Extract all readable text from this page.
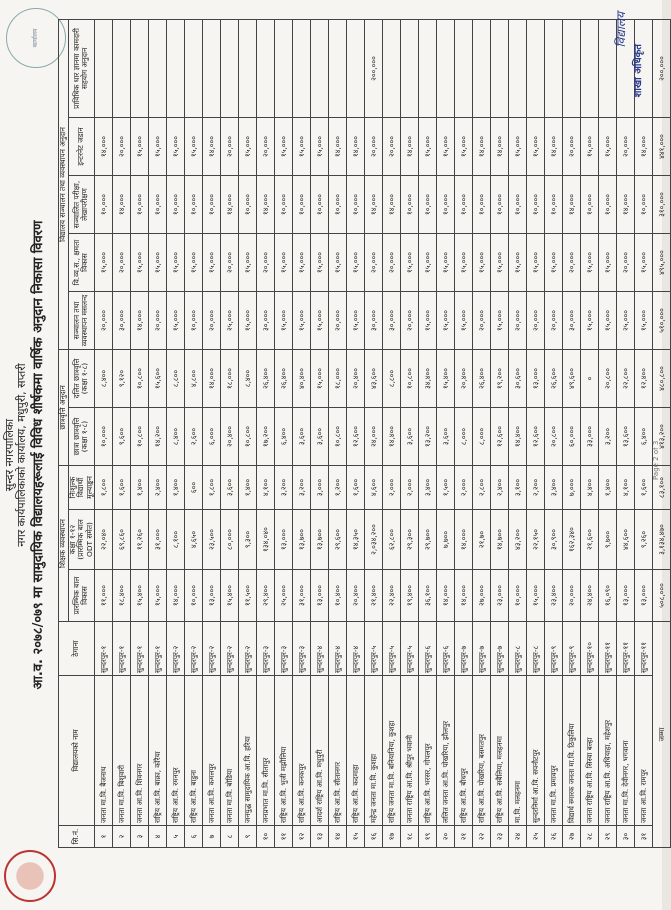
कार्यालय
सुन्दर नगरपालिका नगर कार्यपालिकाको कार्यालय, मधुपुरी, सप्तरी आ.व. २०७८/०७९ मा सामुदायिक विद्यालयहरूलाई विविध शीर्षकमा वार्षिक अनुदान निकासा विवरण
सि.नं.	विद्यालयको नाम	ठेगाना	शिक्षक व्यवस्थापन			छात्रवृत्ति अनुदान		विद्यालय सञ्चालन तथा व्यवस्थापन अनुदान				
			प्रारम्भिक बाल विकास	कक्षा १-१२ (प्रारम्भिक बाल ODT समेत)	निःशुल्क विद्यार्थी मूल्याङ्कन	छात्रा छात्रवृत्ति (कक्षा १-८)	दलित छात्रवृत्ति (कक्षा १-८)	सञ्चालन तथा व्यवस्थापन मसलन्द	वि.व्य.स., क्षमता विकास	सञ्चालित परीक्षा, लेखापरीक्षण	इन्टरनेट जडान	प्राविधिक धार ज्ञानमा कामदारी सहयोग अनुदान
१	जनता मा.वि. बैजनाथ	सुन्दरपुर-१	११,०००	२२,०४०	१,८००	१०,०००	८,४००	२०,०००	१५,०००	१०,०००	१४,०००	
२	जनता मा.वि. बिशुवारी	सुन्दरपुर-१	१८,४००	६९,८६०	१,६००	९,६००	९,१२०	३०,०००	२०,०००	१४,०००	२०,०००	
३	जनता आ.वि. शिवनगर	सुन्दरपुर-१	१५,४००	११,२६०	१,४००	१०,८००	१०,८००	१४,०००	१५,०००	१०,०००	१५,०००	
४	राष्ट्रिय आ.वि. बाक्रा, कोरैया	सुन्दरपुर-१	१५,०००	३१,०००	२,४००	१४,२००	१५,६००	२०,०००	१५,०००	१०,०००	१५,०००	
५	राष्ट्रिय आ.वि. रमनपुर	सुन्दरपुर-२	१४,०००	८,१००	१,४००	८,४००	८,८००	१५,०००	१५,०००	१०,०००	१५,०००	
६	राष्ट्रिय आ.वि. बाडुना	सुन्दरपुर-२	१०,०००	४,६५०	६००	२,६००	४,८००	१०,०००	१५,०००	१०,०००	१५,०००	
७	जनता आ.वि. कमलपुर	सुन्दरपुर-२	१३,०००	२३,५००	१,८००	६,०००	१४,०००	२०,०००	१५,०००	१०,०००	१४,०००	
८	जनता मा.वि. बोडिया	सुन्दरपुर-२	१५,४००	८०,०००	३,६००	२०,४००	१८,०००	२५,०००	२०,०००	१४,०००	२०,०००	
९	जनयुद्ध सामुदायिक आ.वि. हरिया	सुन्दरपुर-२	११,५००	९,३००	१,४००	१०,८००	८,४००	१५,०००	१५,०००	१०,०००	१५,०००	
१०	जनप्रभात मा.वि. सीतापुर	सुन्दरपुर-३	२९,४००	१३४,०४०	४,१००	१७,२००	२६,४००	३०,०००	२०,०००	१४,०००	२०,०००	
११	राष्ट्रिय आ.वि. भुजी मझौलिया	सुन्दरपुर-३	२५,०००	१३,०००	३,२००	६,४००	२६,४००	१५,०००	१५,०००	१०,०००	१५,०००	
१२	राष्ट्रिय आ.वि. कनकपुर	सुन्दरपुर-३	३१,०००	१३,७००	३,२००	३,६००	४०,४००	१५,०००	१५,०००	१०,०००	१५,०००	
१३	आदर्श राष्ट्रिय आ.वि. मधुपुरी	सुन्दरपुर-४	१३,०००	१३,७००	३,०००	३,६००	१५,०००	१५,०००	१५,०००	१०,०००	१५,०००	
१४	राष्ट्रिय आ.वि. सीतानगर	सुन्दरपुर-४	१०,४००	२९,६००	१,२००	१०,८००	१८,०००	२०,०००	१५,०००	१०,०००	१४,०००	
१५	राष्ट्रिय आ.वि. कदमाहा	सुन्दरपुर-४	२०,४००	१४,३५०	१,६००	१२,६००	२०,४००	१५,०००	१५,०००	१०,०००	१४,०००	
१६	महेन्द्र जनता मा.वि. कुशहा	सुन्दरपुर-५	२१,४००	२,०३४,२००	४,६००	२४,०००	४३,६००	३०,०००	२०,०००	१४,०००	२०,०००	२००,०००
१७	राष्ट्रिय जनता मा.वि. बनियानिया, कुशहा	सुन्दरपुर-५	२२,४००	६२,८००	२,०००	१४,४००	८,८००	३०,०००	२०,०००	१४,०००	२०,०००	
१८	जनता राष्ट्रिय आ.वि. श्रीपुर भवानी	सुन्दरपुर-५	१९,४००	२९,३००	२,०००	३,६००	१०,८००	२०,०००	१५,०००	१०,०००	१४,०००	
१९	राष्ट्रिय आ.वि. भरसर, गोपलपुर	सुन्दरपुर-६	३६,१००	२९,७००	३,४००	१३,२००	३४,४००	१५,०००	१५,०००	१०,०००	१५,०००	
२०	ललित जनता आ.वि. पोखरिया, झौलपुर	सुन्दरपुर-६	१४,०००	७,७००	१,५००	३,६००	१५,४००	१५,०००	१५,०००	१०,०००	१५,०००	
२१	राष्ट्रिय आ.वि. बौधपुर	सुन्दरपुर-७	१४,०००	१४,०००	२,०००	८,०००	२०,४००	१५,०००	१५,०००	१०,०००	१५,०००	
२२	राष्ट्रिय आ.वि. पोखरिया, बसमतपुर	सुन्दरपुर-७	२७,०००	२१,७०	२,८००	८,०००	२६,४००	२०,०००	१५,०००	१०,०००	१४,०००	
२३	राष्ट्रिय आ.वि. सबैलिया, मलहनमा	सुन्दरपुर-७	२३,०००	१४,७००	२,४००	१२,६००	१९,२००	१५,०००	१५,०००	१०,०००	१४,०००	
२४	मा.वि. मलहनमा	सुन्दरपुर-८	१०,०००	४३,२००	३,१००	१४,४००	३०,६००	२०,०००	१५,०००	१०,०००	१५,०००	
२५	सुन्दरनिर्मा आ.वि. सपनौटपुर	सुन्दरपुर-८	१५,०००	२२,१५०	२,२००	१२,६००	१३,०००	२०,०००	१५,०००	१०,०००	१५,०००	
२६	जनता मा.वि. प्रमावपुर	सुन्दरपुर-९	२३,४००	३०,९००	३,४००	२०,८००	२६,६००	२०,०००	१५,०००	१०,०००	१४,०००	
२७	विद्यार्थ स्मारक जनता मा.वि. ठिकुलिया	सुन्दरपुर-९	२०,०००	१६२,३४०	७,०००	६०,०००	४९,६००	३०,०००	२०,०००	१४,०००	२०,०००	
२८	जनता राष्ट्रिय आ.वि. सिस्वा बल्हा	सुन्दरपुर-१०	२४,४००	२१,६००	४,४००	३३,०००	०	१५,०००	१५,०००	१०,०००	१५,०००	
२९	जनता राष्ट्रिय आ.वि. अधियाहा, महेशपुर	सुन्दरपुर-११	१६,०९०	९,७००	१,४००	३,२००	२०,८००	१५,०००	१५,०००	१०,०००	१५,०००	
३०	जनता मा.वि. देवीनगर, भगवाना	सुन्दरपुर-११	१३,०००	४४,६००	४,१००	१३,६००	२२,८००	२५,०००	२०,०००	१४,०००	२०,०००	
३१	जनता आ.वि. रामपुर	सुन्दरपुर-११	१३,०००	९,२६०	१,६००	६,४००	१२,४००	१५,०००	१५,०००	१०,०००	१४,०००	
जम्मा			५०८,०००	३,१३४,४७०	८३,१००	४१३,२००	४८०,८००	५१०,०००	४९५,०००	३१०,०००	४४१,०००	२००,०००
Page 2 of 3
विद्यालय
शाखा अधिकृत
